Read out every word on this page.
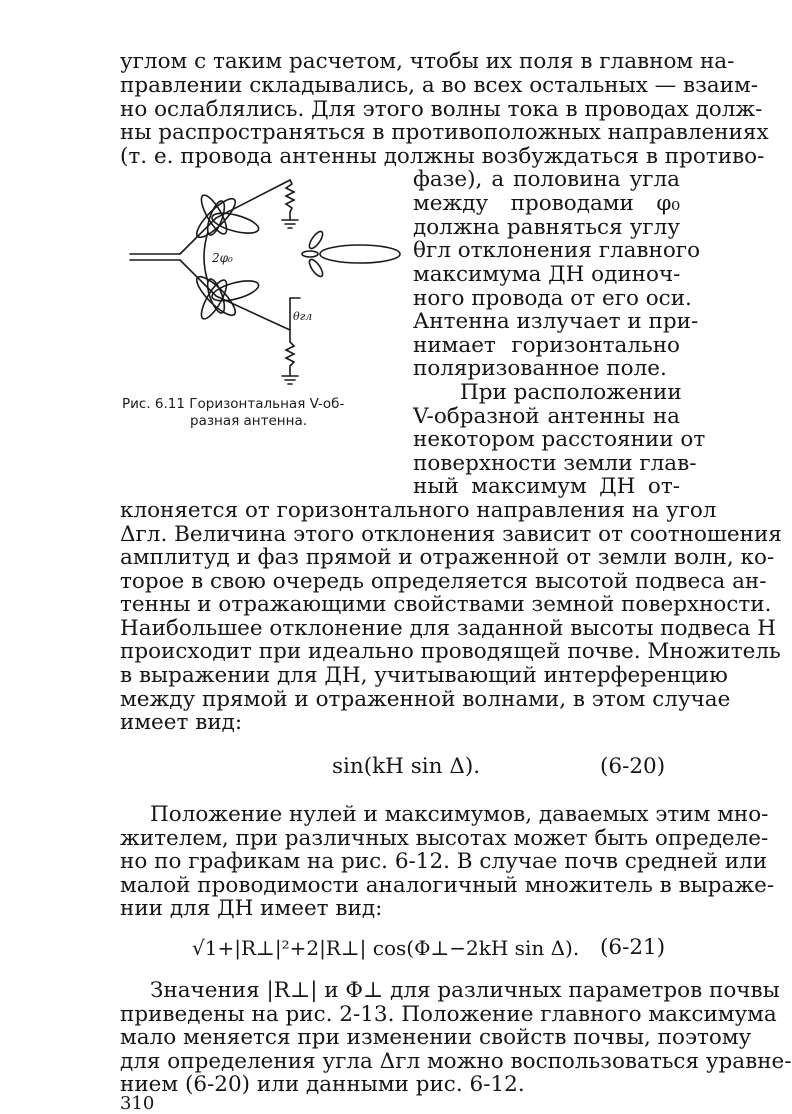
углом с таким расчетом, чтобы их поля в главном на-
правлении складывались, а во всех остальных — взаим-
но ослаблялись. Для этого волны тока в проводах долж-
ны распространяться в противоположных направлениях
(т. е. провода антенны должны возбуждаться в противо-
фазе), а половина угла
между проводами φ₀
должна равняться углу
θгл отклонения главного
максимума ДН одиноч-
ного провода от его оси.
Антенна излучает и при-
нимает горизонтально
поляризованное поле.
При расположении
V-образной антенны на
некотором расстоянии от
поверхности земли глав-
ный максимум ДН от-
2φ₀
θгл
Рис. 6.11 Горизонтальная V-об-
разная антенна.
клоняется от горизонтального направления на угол
Δгл. Величина этого отклонения зависит от соотношения
амплитуд и фаз прямой и отраженной от земли волн, ко-
торое в свою очередь определяется высотой подвеса ан-
тенны и отражающими свойствами земной поверхности.
Наибольшее отклонение для заданной высоты подвеса H
происходит при идеально проводящей почве. Множитель
в выражении для ДН, учитывающий интерференцию
между прямой и отраженной волнами, в этом случае
имеет вид:
sin(kH sin Δ).	(6-20)
Положение нулей и максимумов, даваемых этим мно-
жителем, при различных высотах может быть определе-
но по графикам на рис. 6-12. В случае почв средней или
малой проводимости аналогичный множитель в выраже-
нии для ДН имеет вид:
√1+|R⊥|²+2|R⊥| cos(Φ⊥−2kH sin Δ). (6-21)
Значения |R⊥| и Φ⊥ для различных параметров почвы
приведены на рис. 2-13. Положение главного максимума
мало меняется при изменении свойств почвы, поэтому
для определения угла Δгл можно воспользоваться уравне-
нием (6-20) или данными рис. 6-12.
310
